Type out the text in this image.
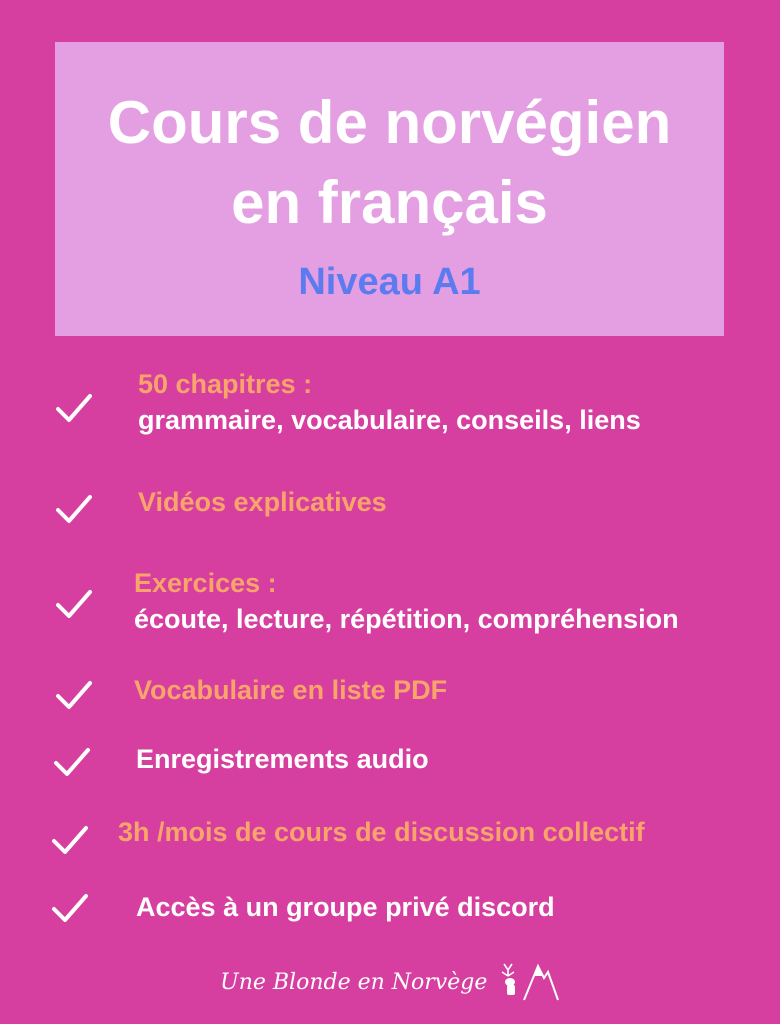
Cours de norvégien
en français
Niveau A1
50 chapitres :
grammaire, vocabulaire, conseils, liens
Vidéos explicatives
Exercices :
écoute, lecture, répétition, compréhension
Vocabulaire en liste PDF
Enregistrements audio
3h /mois de cours de discussion collectif
Accès à un groupe privé discord
Une Blonde en Norvège
